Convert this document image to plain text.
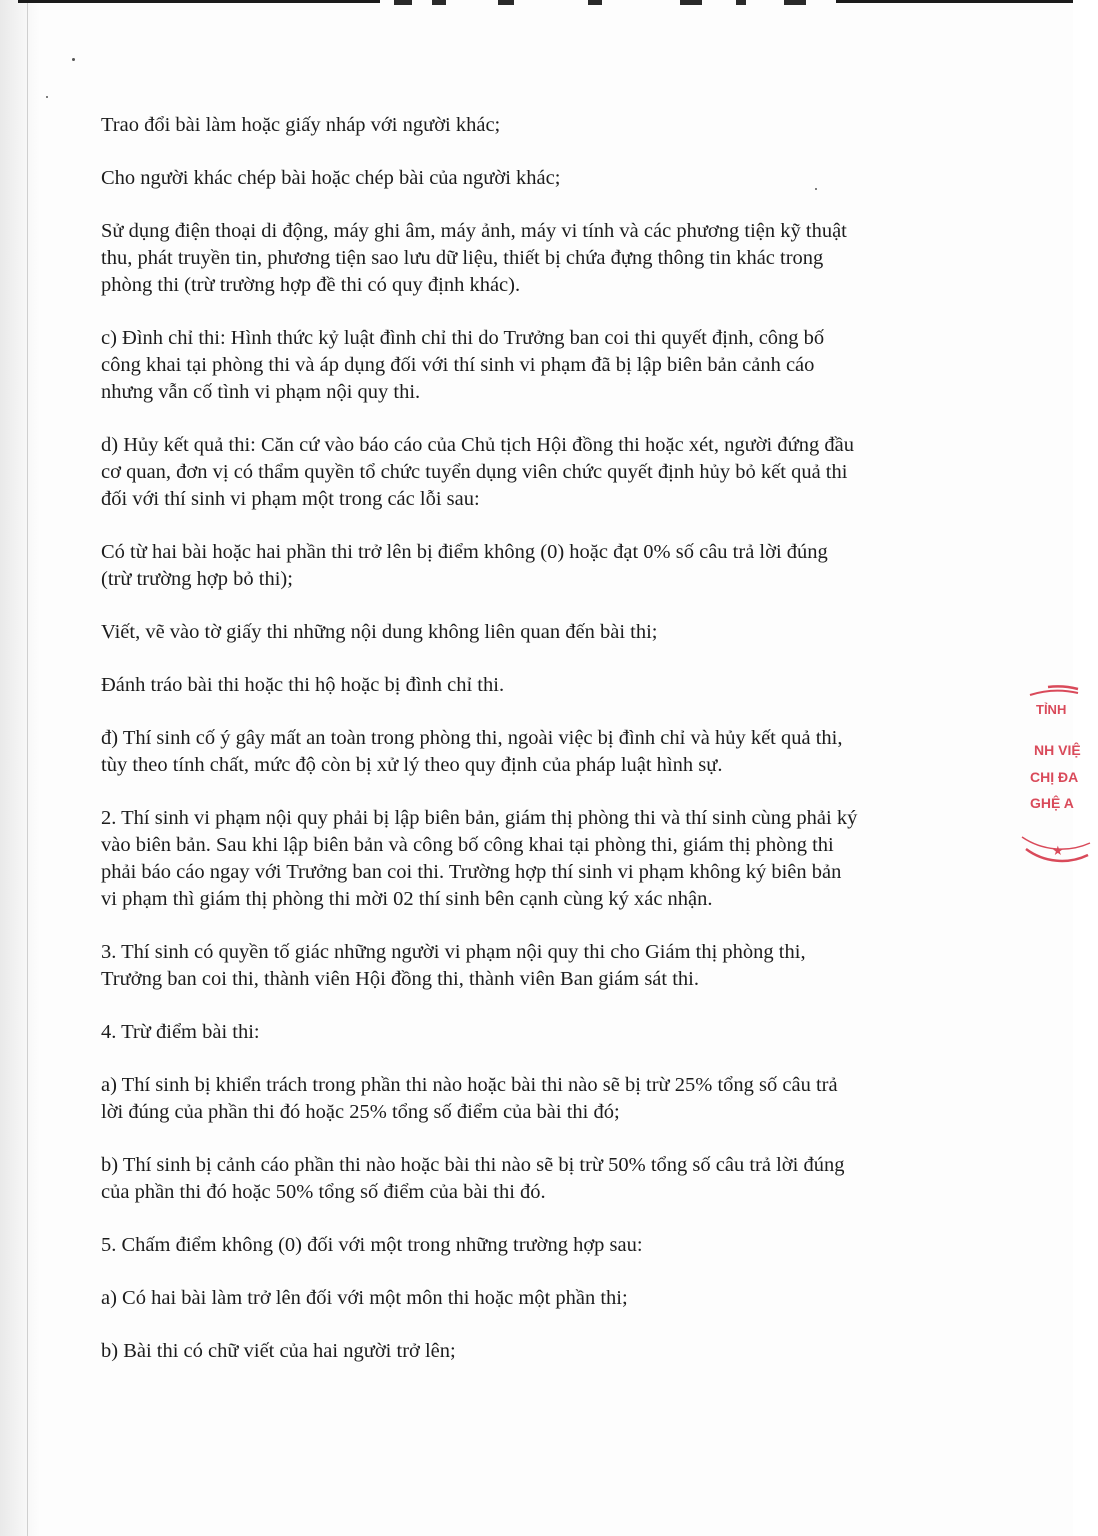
Trao đổi bài làm hoặc giấy nháp với người khác;

Cho người khác chép bài hoặc chép bài của người khác;

Sử dụng điện thoại di động, máy ghi âm, máy ảnh, máy vi tính và các phương tiện kỹ thuật
thu, phát truyền tin, phương tiện sao lưu dữ liệu, thiết bị chứa đựng thông tin khác trong
phòng thi (trừ trường hợp đề thi có quy định khác).

c) Đình chỉ thi: Hình thức kỷ luật đình chỉ thi do Trưởng ban coi thi quyết định, công bố
công khai tại phòng thi và áp dụng đối với thí sinh vi phạm đã bị lập biên bản cảnh cáo
nhưng vẫn cố tình vi phạm nội quy thi.

d) Hủy kết quả thi: Căn cứ vào báo cáo của Chủ tịch Hội đồng thi hoặc xét, người đứng đầu
cơ quan, đơn vị có thẩm quyền tổ chức tuyển dụng viên chức quyết định hủy bỏ kết quả thi
đối với thí sinh vi phạm một trong các lỗi sau:

Có từ hai bài hoặc hai phần thi trở lên bị điểm không (0) hoặc đạt 0% số câu trả lời đúng
(trừ trường hợp bỏ thi);

Viết, vẽ vào tờ giấy thi những nội dung không liên quan đến bài thi;

Đánh tráo bài thi hoặc thi hộ hoặc bị đình chỉ thi.

đ) Thí sinh cố ý gây mất an toàn trong phòng thi, ngoài việc bị đình chỉ và hủy kết quả thi,
tùy theo tính chất, mức độ còn bị xử lý theo quy định của pháp luật hình sự.

2. Thí sinh vi phạm nội quy phải bị lập biên bản, giám thị phòng thi và thí sinh cùng phải ký
vào biên bản. Sau khi lập biên bản và công bố công khai tại phòng thi, giám thị phòng thi
phải báo cáo ngay với Trưởng ban coi thi. Trường hợp thí sinh vi phạm không ký biên bản
vi phạm thì giám thị phòng thi mời 02 thí sinh bên cạnh cùng ký xác nhận.

3. Thí sinh có quyền tố giác những người vi phạm nội quy thi cho Giám thị phòng thi,
Trưởng ban coi thi, thành viên Hội đồng thi, thành viên Ban giám sát thi.

4. Trừ điểm bài thi:

a) Thí sinh bị khiển trách trong phần thi nào hoặc bài thi nào sẽ bị trừ 25% tổng số câu trả
lời đúng của phần thi đó hoặc 25% tổng số điểm của bài thi đó;

b) Thí sinh bị cảnh cáo phần thi nào hoặc bài thi nào sẽ bị trừ 50% tổng số câu trả lời đúng
của phần thi đó hoặc 50% tổng số điểm của bài thi đó.

5. Chấm điểm không (0) đối với một trong những trường hợp sau:

a) Có hai bài làm trở lên đối với một môn thi hoặc một phần thi;

b) Bài thi có chữ viết của hai người trở lên;

TỈNH
NH VIỆ
CHỊ ĐA
GHỆ A
★
